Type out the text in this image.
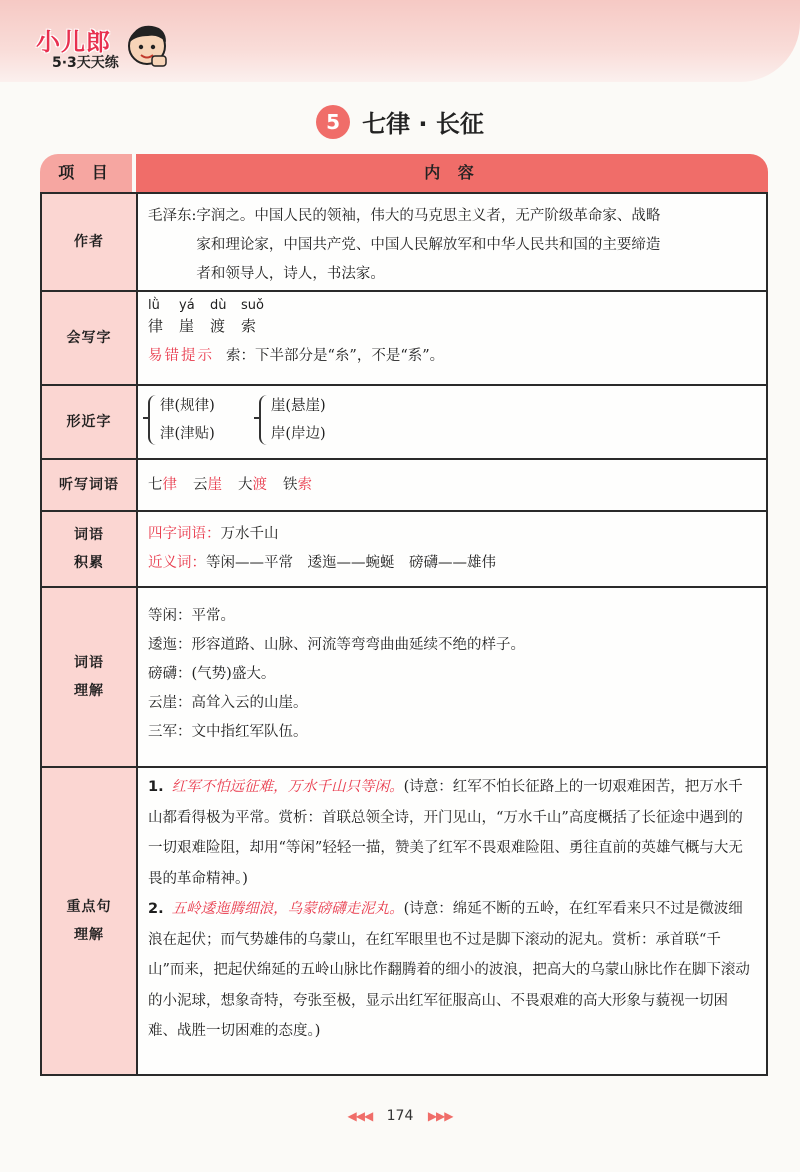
小儿郎
5·3天天练
5 七律 · 长征
项 目	内 容
作者
毛泽东: 字润之。中国人民的领袖，伟大的马克思主义者，无产阶级革命家、战略
家和理论家，中国共产党、中国人民解放军和中华人民共和国的主要缔造
者和领导人，诗人，书法家。
会写字
lǜ yá dù suǒ
律 崖 渡 索
易错提示 索：下半部分是“糸”，不是“系”。
形近字
律(规律)
津(津贴)
崖(悬崖)
岸(岸边)
听写词语	七律 云崖 大渡 铁索
词语
积累
四字词语：万水千山
近义词：等闲——平常　逶迤——蜿蜒　磅礴——雄伟
词语
理解
等闲：平常。
逶迤：形容道路、山脉、河流等弯弯曲曲延续不绝的样子。
磅礴：(气势)盛大。
云崖：高耸入云的山崖。
三军：文中指红军队伍。
重点句
理解

1. 红军不怕远征难，万水千山只等闲。(诗意：红军不怕长征路上的一切艰难困苦，把万水千山都看得极为平常。赏析：首联总领全诗，开门见山，“万水千山”高度概括了长征途中遇到的一切艰难险阻，却用“等闲”轻轻一描，赞美了红军不畏艰难险阻、勇往直前的英雄气概与大无畏的革命精神。)

2. 五岭逶迤腾细浪，乌蒙磅礴走泥丸。(诗意：绵延不断的五岭，在红军看来只不过是微波细浪在起伏；而气势雄伟的乌蒙山，在红军眼里也不过是脚下滚动的泥丸。赏析：承首联“千山”而来，把起伏绵延的五岭山脉比作翻腾着的细小的波浪，把高大的乌蒙山脉比作在脚下滚动的小泥球，想象奇特，夸张至极，显示出红军征服高山、不畏艰难的高大形象与藐视一切困难、战胜一切困难的态度。)

◀◀◀ 174 ▶▶▶
